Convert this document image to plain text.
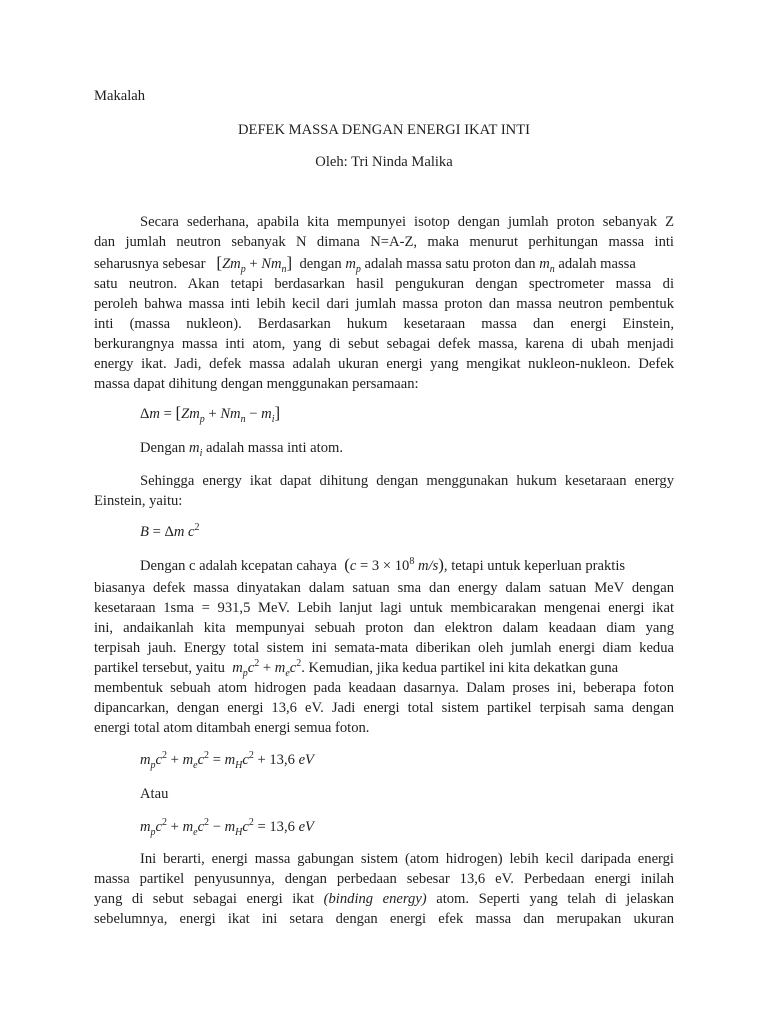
Makalah
DEFEK MASSA DENGAN ENERGI IKAT INTI
Oleh: Tri Ninda Malika
Secara sederhana, apabila kita mempunyei isotop dengan jumlah proton sebanyak Z
dan jumlah neutron sebanyak N dimana N=A-Z, maka menurut perhitungan massa inti
seharusnya sebesar $[Zm_p + Nm_n]$ dengan $m_p$ adalah massa satu proton dan $m_n$ adalah massa
satu neutron. Akan tetapi berdasarkan hasil pengukuran dengan spectrometer massa di
peroleh bahwa massa inti lebih kecil dari jumlah massa proton dan massa neutron pembentuk
inti (massa nukleon). Berdasarkan hukum kesetaraan massa dan energi Einstein,
berkurangnya massa inti atom, yang di sebut sebagai defek massa, karena di ubah menjadi
energy ikat. Jadi, defek massa adalah ukuran energi yang mengikat nukleon-nukleon. Defek
massa dapat dihitung dengan menggunakan persamaan:
$\Delta m = [Zm_p + Nm_n - m_i]$
Dengan $m_i$ adalah massa inti atom.
Sehingga energy ikat dapat dihitung dengan menggunakan hukum kesetaraan energy
Einstein, yaitu:
B = Δm $c^2$
Dengan c adalah kcepatan cahaya ($c = 3 \times 10^8$ m/s), tetapi untuk keperluan praktis
biasanya defek massa dinyatakan dalam satuan sma dan energy dalam satuan MeV dengan
kesetaraan 1sma = 931,5 MeV. Lebih lanjut lagi untuk membicarakan mengenai energi ikat
ini, andaikanlah kita mempunyai sebuah proton dan elektron dalam keadaan diam yang
terpisah jauh. Energy total sistem ini semata-mata diberikan oleh jumlah energi diam kedua
partikel tersebut, yaitu $m_pc^2 + m_ec^2$. Kemudian, jika kedua partikel ini kita dekatkan guna
membentuk sebuah atom hidrogen pada keadaan dasarnya. Dalam proses ini, beberapa foton
dipancarkan, dengan energi 13,6 eV. Jadi energi total sistem partikel terpisah sama dengan
energi total atom ditambah energi semua foton.
$m_pc^2 + m_ec^2 = m_Hc^2 + 13,6$ eV
Atau
$m_pc^2 + m_ec^2 - m_Hc^2 = 13,6$ eV
Ini berarti, energi massa gabungan sistem (atom hidrogen) lebih kecil daripada energi
massa partikel penyusunnya, dengan perbedaan sebesar 13,6 eV. Perbedaan energi inilah
yang di sebut sebagai energi ikat (binding energy) atom. Seperti yang telah di jelaskan
sebelumnya, energi ikat ini setara dengan energi efek massa dan merupakan ukuran
